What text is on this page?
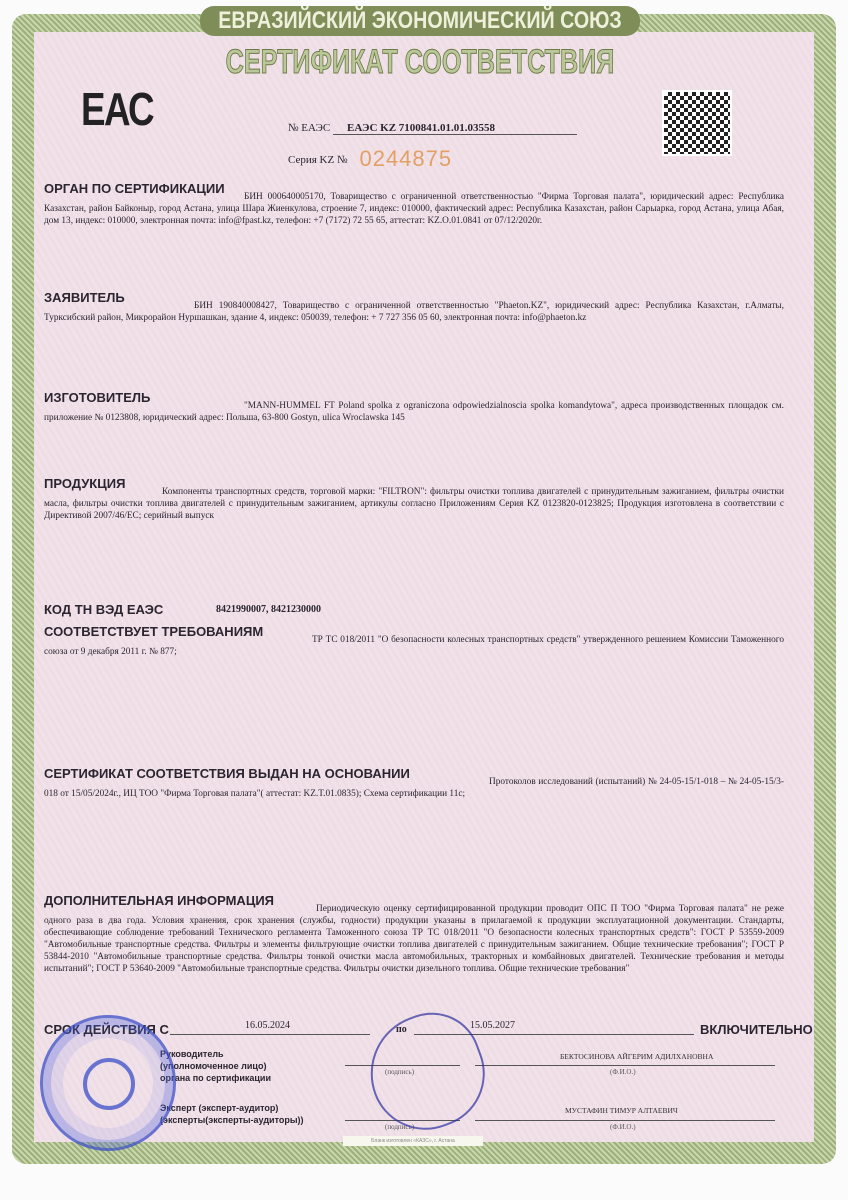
ЕВРАЗИЙСКИЙ ЭКОНОМИЧЕСКИЙ СОЮЗ
СЕРТИФИКАТ СООТВЕТСТВИЯ
ЕАС	№ ЕАЭС ЕАЭС KZ 7100841.01.01.03558
Серия KZ № 0244875
ОРГАН ПО СЕРТИФИКАЦИИ
БИН 000640005170, Товарищество с ограниченной ответственностью "Фирма Торговая палата", юридический адрес: Республика Казахстан, район Байконыр, город Астана, улица Шара Жиенкулова, строение 7, индекс: 010000, фактический адрес: Республика Казахстан, район Сарыарка, город Астана, улица Абая, дом 13, индекс: 010000, электронная почта: info@fpast.kz, телефон: +7 (7172) 72 55 65, аттестат: KZ.O.01.0841 от 07/12/2020г.
ЗАЯВИТЕЛЬ
БИН 190840008427, Товарищество с ограниченной ответственностью "Phaeton.KZ", юридический адрес: Республика Казахстан, г.Алматы, Турксибский район, Микрорайон Нуршашкан, здание 4, индекс: 050039, телефон: + 7 727 356 05 60, электронная почта: info@phaeton.kz
ИЗГОТОВИТЕЛЬ
"MANN-HUMMEL FT Poland spolka z ograniczona odpowiedzialnoscia spolka komandytowa", адреса производственных площадок см. приложение № 0123808, юридический адрес: Польша, 63-800 Gostyn, ulica Wroclawska 145
ПРОДУКЦИЯ
Компоненты транспортных средств, торговой марки: "FILTRON": фильтры очистки топлива двигателей с принудительным зажиганием, фильтры очистки масла, фильтры очистки топлива двигателей с принудительным зажиганием, артикулы согласно Приложениям Серия KZ 0123820-0123825; Продукция изготовлена в соответствии с Директивой 2007/46/EC; серийный выпуск
КОД ТН ВЭД ЕАЭС	8421990007, 8421230000
СООТВЕТСТВУЕТ ТРЕБОВАНИЯМ
ТР ТС 018/2011 "О безопасности колесных транспортных средств" утвержденного решением Комиссии Таможенного союза от 9 декабря 2011 г. № 877;
СЕРТИФИКАТ СООТВЕТСТВИЯ ВЫДАН НА ОСНОВАНИИ
Протоколов исследований (испытаний) № 24-05-15/1-018 – № 24-05-15/3-018 от 15/05/2024г., ИЦ ТОО "Фирма Торговая палата"( аттестат: KZ.T.01.0835); Схема сертификации 11с;
ДОПОЛНИТЕЛЬНАЯ ИНФОРМАЦИЯ
Периодическую оценку сертифицированной продукции проводит ОПС П ТОО "Фирма Торговая палата" не реже одного раза в два года. Условия хранения, срок хранения (службы, годности) продукции указаны в прилагаемой к продукции эксплуатационной документации. Стандарты, обеспечивающие соблюдение требований Технического регламента Таможенного союза ТР ТС 018/2011 "О безопасности колесных транспортных средств": ГОСТ Р 53559-2009 "Автомобильные транспортные средства. Фильтры и элементы фильтрующие очистки топлива двигателей с принудительным зажиганием. Общие технические требования"; ГОСТ Р 53844-2010 "Автомобильные транспортные средства. Фильтры тонкой очистки масла автомобильных, тракторных и комбайновых двигателей. Технические требования и методы испытаний"; ГОСТ Р 53640-2009 "Автомобильные транспортные средства. Фильтры очистки дизельного топлива. Общие технические требования"
СРОК ДЕЙСТВИЯ С	16.05.2024	по	15.05.2027	ВКЛЮЧИТЕЛЬНО
Руководитель
(уполномоченное лицо)
органа по сертификации
(подпись)
БЕКТОСИНОВА АЙГЕРИМ АДИЛХАНОВНА
(Ф.И.О.)
Эксперт (эксперт-аудитор)
(эксперты(эксперты-аудиторы))
(подпись)
МУСТАФИН ТИМУР АЛТАЕВИЧ
(Ф.И.О.)
Бланк изготовлен «КАЗС», г. Астана
